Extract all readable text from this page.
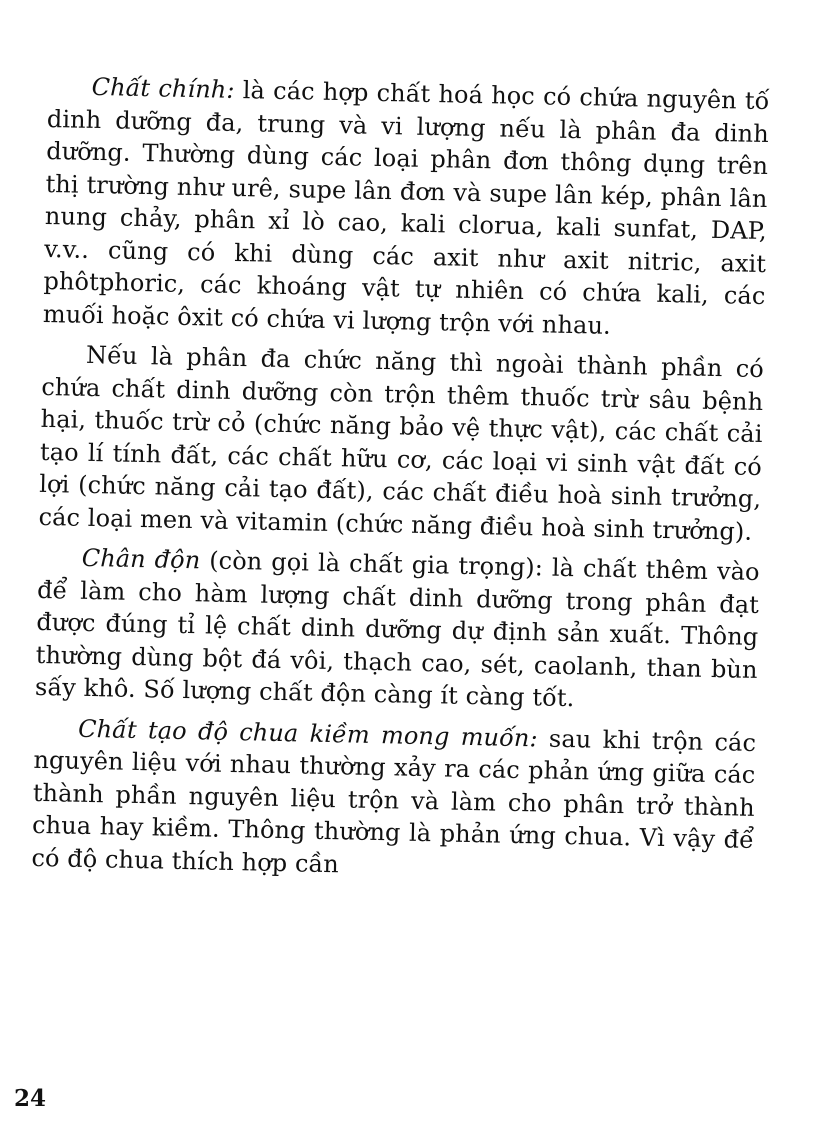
Chất chính: là các hợp chất hoá học có chứa nguyên tố dinh dưỡng đa, trung và vi lượng nếu là phân đa dinh dưỡng. Thường dùng các loại phân đơn thông dụng trên thị trường như urê, supe lân đơn và supe lân kép, phân lân nung chảy, phân xỉ lò cao, kali clorua, kali sunfat, DAP, v.v.. cũng có khi dùng các axit như axit nitric, axit phôtphoric, các khoáng vật tự nhiên có chứa kali, các muối hoặc ôxit có chứa vi lượng trộn với nhau.

Nếu là phân đa chức năng thì ngoài thành phần có chứa chất dinh dưỡng còn trộn thêm thuốc trừ sâu bệnh hại, thuốc trừ cỏ (chức năng bảo vệ thực vật), các chất cải tạo lí tính đất, các chất hữu cơ, các loại vi sinh vật đất có lợi (chức năng cải tạo đất), các chất điều hoà sinh trưởng, các loại men và vitamin (chức năng điều hoà sinh trưởng).

Chân độn (còn gọi là chất gia trọng): là chất thêm vào để làm cho hàm lượng chất dinh dưỡng trong phân đạt được đúng tỉ lệ chất dinh dưỡng dự định sản xuất. Thông thường dùng bột đá vôi, thạch cao, sét, caolanh, than bùn sấy khô. Số lượng chất độn càng ít càng tốt.

Chất tạo độ chua kiềm mong muốn: sau khi trộn các nguyên liệu với nhau thường xảy ra các phản ứng giữa các thành phần nguyên liệu trộn và làm cho phân trở thành chua hay kiềm. Thông thường là phản ứng chua. Vì vậy để có độ chua thích hợp cần

24
